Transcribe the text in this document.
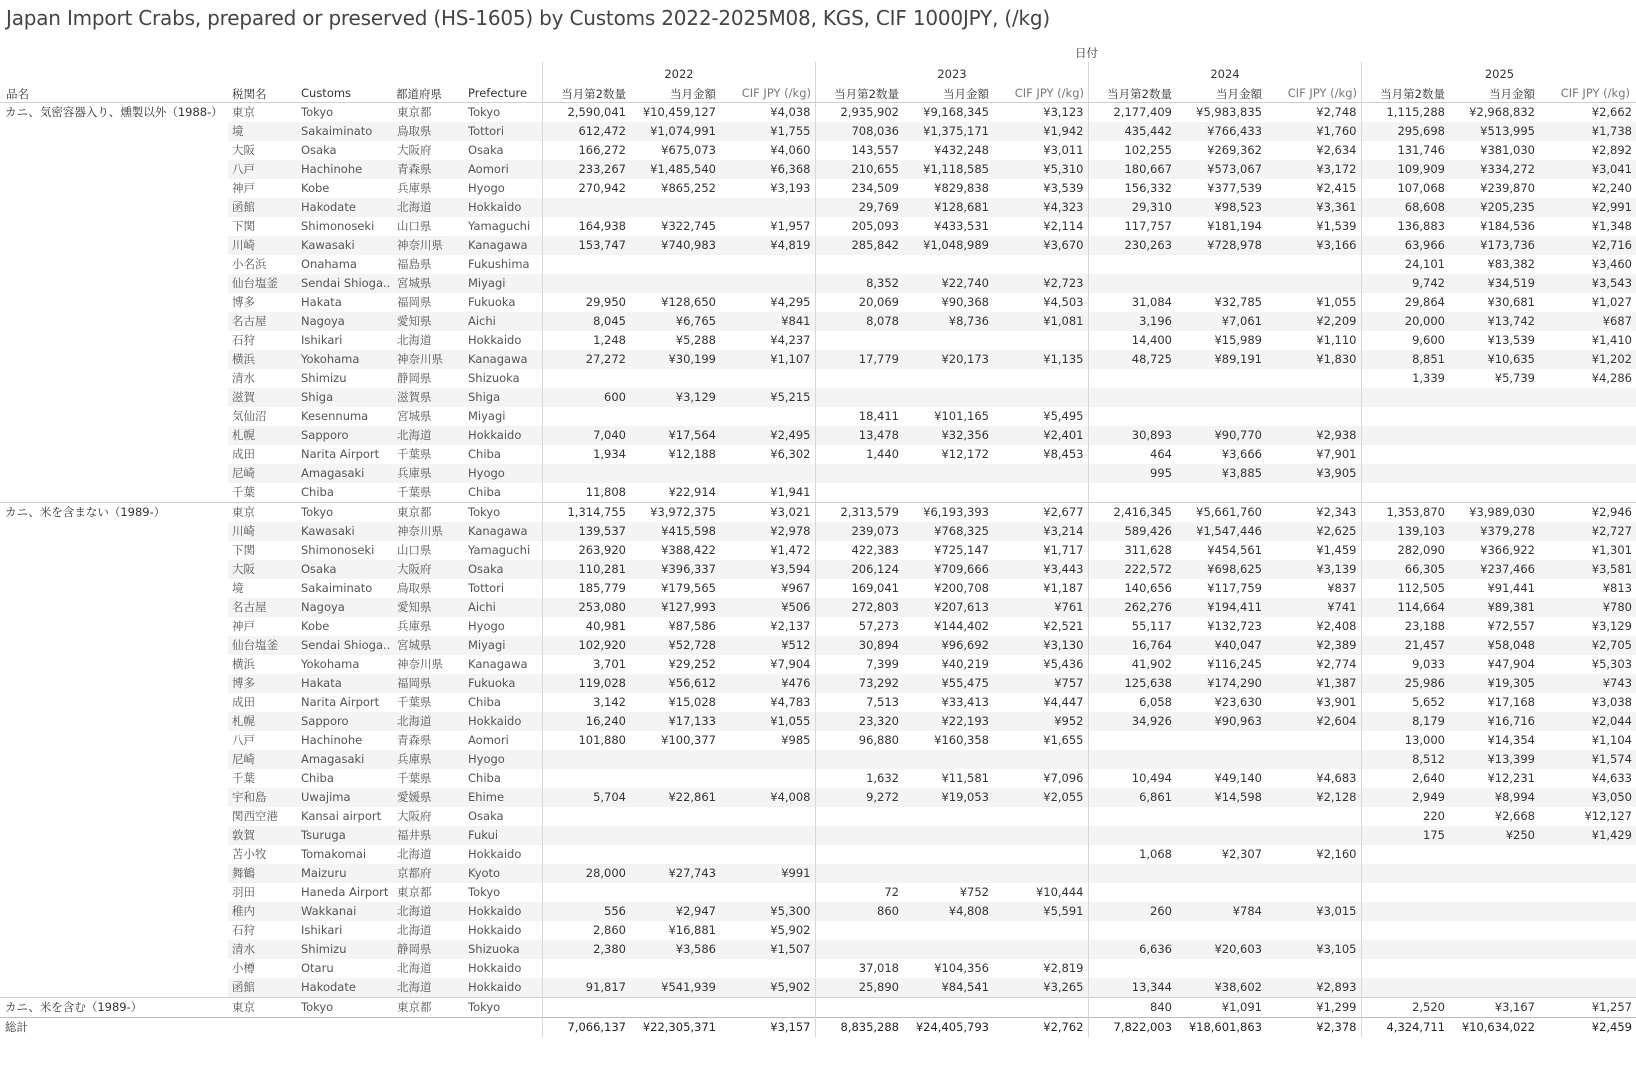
Japan Import Crabs, prepared or preserved (HS-1605) by Customs 2022-2025M08, KGS, CIF 1000JPY, (/kg)
日付
2022	2023	2024	2025
品名	税関名	Customs	都道府県 Prefecture	当月第2数量	当月金額	CIF JPY (/kg)	当月第2数量	当月金額	CIF JPY (/kg)	当月第2数量	当月金額	CIF JPY (/kg)	当月第2数量	当月金額	CIF JPY (/kg)
カニ、気密容器入り、燻製以外（1988-）	東京	Tokyo	東京都	Tokyo	2,590,041	¥10,459,127	¥4,038	2,935,902	¥9,168,345	¥3,123	2,177,409	¥5,983,835	¥2,748	1,115,288	¥2,968,832	¥2,662
	境	Sakaiminato	鳥取県	Tottori	612,472	¥1,074,991	¥1,755	708,036	¥1,375,171	¥1,942	435,442	¥766,433	¥1,760	295,698	¥513,995	¥1,738
	大阪	Osaka	大阪府	Osaka	166,272	¥675,073	¥4,060	143,557	¥432,248	¥3,011	102,255	¥269,362	¥2,634	131,746	¥381,030	¥2,892
	八戸	Hachinohe	青森県	Aomori	233,267	¥1,485,540	¥6,368	210,655	¥1,118,585	¥5,310	180,667	¥573,067	¥3,172	109,909	¥334,272	¥3,041
	神戸	Kobe	兵庫県	Hyogo	270,942	¥865,252	¥3,193	234,509	¥829,838	¥3,539	156,332	¥377,539	¥2,415	107,068	¥239,870	¥2,240
	函館	Hakodate	北海道	Hokkaido				29,769	¥128,681	¥4,323	29,310	¥98,523	¥3,361	68,608	¥205,235	¥2,991
	下関	Shimonoseki	山口県	Yamaguchi	164,938	¥322,745	¥1,957	205,093	¥433,531	¥2,114	117,757	¥181,194	¥1,539	136,883	¥184,536	¥1,348
	川崎	Kawasaki	神奈川県	Kanagawa	153,747	¥740,983	¥4,819	285,842	¥1,048,989	¥3,670	230,263	¥728,978	¥3,166	63,966	¥173,736	¥2,716
	小名浜	Onahama	福島県	Fukushima										24,101	¥83,382	¥3,460
	仙台塩釜	Sendai Shioga..	宮城県	Miyagi				8,352	¥22,740	¥2,723				9,742	¥34,519	¥3,543
	博多	Hakata	福岡県	Fukuoka	29,950	¥128,650	¥4,295	20,069	¥90,368	¥4,503	31,084	¥32,785	¥1,055	29,864	¥30,681	¥1,027
	名古屋	Nagoya	愛知県	Aichi	8,045	¥6,765	¥841	8,078	¥8,736	¥1,081	3,196	¥7,061	¥2,209	20,000	¥13,742	¥687
	石狩	Ishikari	北海道	Hokkaido	1,248	¥5,288	¥4,237				14,400	¥15,989	¥1,110	9,600	¥13,539	¥1,410
	横浜	Yokohama	神奈川県	Kanagawa	27,272	¥30,199	¥1,107	17,779	¥20,173	¥1,135	48,725	¥89,191	¥1,830	8,851	¥10,635	¥1,202
	清水	Shimizu	静岡県	Shizuoka										1,339	¥5,739	¥4,286
	滋賀	Shiga	滋賀県	Shiga	600	¥3,129	¥5,215									
	気仙沼	Kesennuma	宮城県	Miyagi				18,411	¥101,165	¥5,495						
	札幌	Sapporo	北海道	Hokkaido	7,040	¥17,564	¥2,495	13,478	¥32,356	¥2,401	30,893	¥90,770	¥2,938			
	成田	Narita Airport	千葉県	Chiba	1,934	¥12,188	¥6,302	1,440	¥12,172	¥8,453	464	¥3,666	¥7,901			
	尼崎	Amagasaki	兵庫県	Hyogo							995	¥3,885	¥3,905			
	千葉	Chiba	千葉県	Chiba	11,808	¥22,914	¥1,941									
カニ、米を含まない（1989-）	東京	Tokyo	東京都	Tokyo	1,314,755	¥3,972,375	¥3,021	2,313,579	¥6,193,393	¥2,677	2,416,345	¥5,661,760	¥2,343	1,353,870	¥3,989,030	¥2,946
	川崎	Kawasaki	神奈川県	Kanagawa	139,537	¥415,598	¥2,978	239,073	¥768,325	¥3,214	589,426	¥1,547,446	¥2,625	139,103	¥379,278	¥2,727
	下関	Shimonoseki	山口県	Yamaguchi	263,920	¥388,422	¥1,472	422,383	¥725,147	¥1,717	311,628	¥454,561	¥1,459	282,090	¥366,922	¥1,301
	大阪	Osaka	大阪府	Osaka	110,281	¥396,337	¥3,594	206,124	¥709,666	¥3,443	222,572	¥698,625	¥3,139	66,305	¥237,466	¥3,581
	境	Sakaiminato	鳥取県	Tottori	185,779	¥179,565	¥967	169,041	¥200,708	¥1,187	140,656	¥117,759	¥837	112,505	¥91,441	¥813
	名古屋	Nagoya	愛知県	Aichi	253,080	¥127,993	¥506	272,803	¥207,613	¥761	262,276	¥194,411	¥741	114,664	¥89,381	¥780
	神戸	Kobe	兵庫県	Hyogo	40,981	¥87,586	¥2,137	57,273	¥144,402	¥2,521	55,117	¥132,723	¥2,408	23,188	¥72,557	¥3,129
	仙台塩釜	Sendai Shioga..	宮城県	Miyagi	102,920	¥52,728	¥512	30,894	¥96,692	¥3,130	16,764	¥40,047	¥2,389	21,457	¥58,048	¥2,705
	横浜	Yokohama	神奈川県	Kanagawa	3,701	¥29,252	¥7,904	7,399	¥40,219	¥5,436	41,902	¥116,245	¥2,774	9,033	¥47,904	¥5,303
	博多	Hakata	福岡県	Fukuoka	119,028	¥56,612	¥476	73,292	¥55,475	¥757	125,638	¥174,290	¥1,387	25,986	¥19,305	¥743
	成田	Narita Airport	千葉県	Chiba	3,142	¥15,028	¥4,783	7,513	¥33,413	¥4,447	6,058	¥23,630	¥3,901	5,652	¥17,168	¥3,038
	札幌	Sapporo	北海道	Hokkaido	16,240	¥17,133	¥1,055	23,320	¥22,193	¥952	34,926	¥90,963	¥2,604	8,179	¥16,716	¥2,044
	八戸	Hachinohe	青森県	Aomori	101,880	¥100,377	¥985	96,880	¥160,358	¥1,655				13,000	¥14,354	¥1,104
	尼崎	Amagasaki	兵庫県	Hyogo										8,512	¥13,399	¥1,574
	千葉	Chiba	千葉県	Chiba				1,632	¥11,581	¥7,096	10,494	¥49,140	¥4,683	2,640	¥12,231	¥4,633
	宇和島	Uwajima	愛媛県	Ehime	5,704	¥22,861	¥4,008	9,272	¥19,053	¥2,055	6,861	¥14,598	¥2,128	2,949	¥8,994	¥3,050
	関西空港	Kansai airport	大阪府	Osaka										220	¥2,668	¥12,127
	敦賀	Tsuruga	福井県	Fukui										175	¥250	¥1,429
	苫小牧	Tomakomai	北海道	Hokkaido							1,068	¥2,307	¥2,160			
	舞鶴	Maizuru	京都府	Kyoto	28,000	¥27,743	¥991									
	羽田	Haneda Airport	東京都	Tokyo				72	¥752	¥10,444						
	稚内	Wakkanai	北海道	Hokkaido	556	¥2,947	¥5,300	860	¥4,808	¥5,591	260	¥784	¥3,015			
	石狩	Ishikari	北海道	Hokkaido	2,860	¥16,881	¥5,902									
	清水	Shimizu	静岡県	Shizuoka	2,380	¥3,586	¥1,507				6,636	¥20,603	¥3,105			
	小樽	Otaru	北海道	Hokkaido				37,018	¥104,356	¥2,819						
	函館	Hakodate	北海道	Hokkaido	91,817	¥541,939	¥5,902	25,890	¥84,541	¥3,265	13,344	¥38,602	¥2,893			
カニ、米を含む（1989-）	東京	Tokyo	東京都	Tokyo							840	¥1,091	¥1,299	2,520	¥3,167	¥1,257
総計					7,066,137	¥22,305,371	¥3,157	8,835,288	¥24,405,793	¥2,762	7,822,003	¥18,601,863	¥2,378	4,324,711	¥10,634,022	¥2,459
